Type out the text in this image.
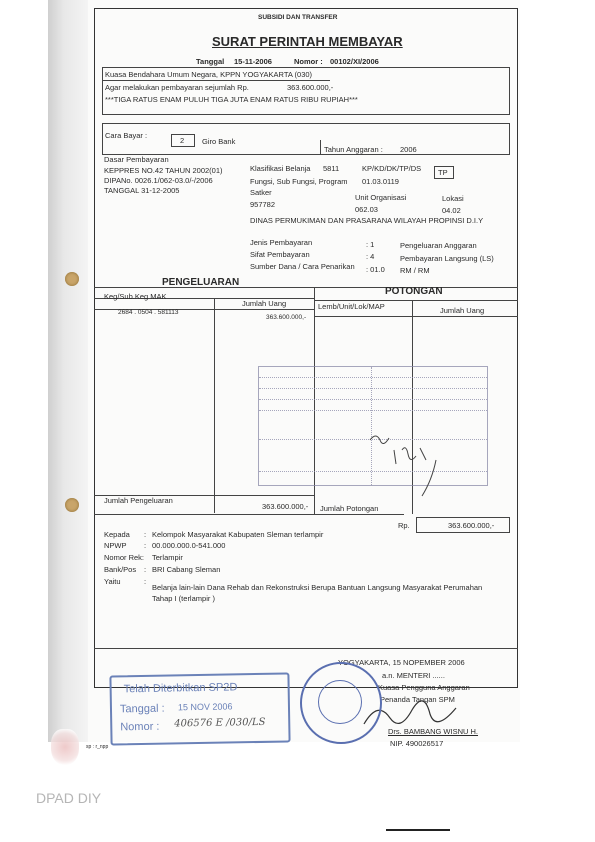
SUBSIDI DAN TRANSFER
SURAT PERINTAH MEMBAYAR
Tanggal 15-11-2006	Nomor : 00102/XI/2006
Kuasa Bendahara Umum Negara, KPPN YOGYAKARTA (030)
Agar melakukan pembayaran sejumlah Rp.	363.600.000,-
***TIGA RATUS ENAM PULUH TIGA JUTA ENAM RATUS RIBU RUPIAH***
Cara Bayar :
2 Giro Bank
Tahun Anggaran : 2006
Dasar Pembayaran
KEPPRES NO.42 TAHUN 2002(01)
DIPANo. 0026.1/062-03.0/-/2006
TANGGAL 31-12-2005
Klasifikasi Belanja 5811	KP/KD/DK/TP/DS TP
Fungsi, Sub Fungsi, Program 01.03.0119
Satker
Unit Organisasi	Lokasi
957782
062.03	04.02
DINAS PERMUKIMAN DAN PRASARANA WILAYAH PROPINSI D.I.Y
Jenis Pembayaran	: 1	Pengeluaran Anggaran
Sifat Pembayaran	: 4	Pembayaran Langsung (LS)
Sumber Dana / Cara Penarikan : 01.0 RM / RM
PENGELUARAN
POTONGAN
Keg/Sub.Keg MAK
Jumlah Uang	Lemb/Unit/Lok/MAP	Jumlah Uang
2684 . 0504 . 581113
363.600.000,-
Jumlah Pengeluaran
363.600.000,- Jumlah Potongan
Rp.	363.600.000,-
Kepada : Kelompok Masyarakat Kabupaten Sleman terlampir
NPWP : 00.000.000.0-541.000
Nomor Rek: Terlampir
Bank/Pos : BRI Cabang Sleman
Yaitu	:
Belanja lain-lain Dana Rehab dan Rekonstruksi Berupa Bantuan Langsung Masyarakat Perumahan
Tahap I (terlampir )
YOGYAKARTA, 15 NOPEMBER 2006
a.n. MENTERI ......
Kuasa Pengguna Anggaran
Penanda Tangan SPM
Drs. BAMBANG WISNU H.
NIP. 490026517
Telah Diterbitkan SP2D
Tanggal : 15 NOV 2006
Nomor : 406576 E /030/LS
sp : r_npp
DPAD DIY
